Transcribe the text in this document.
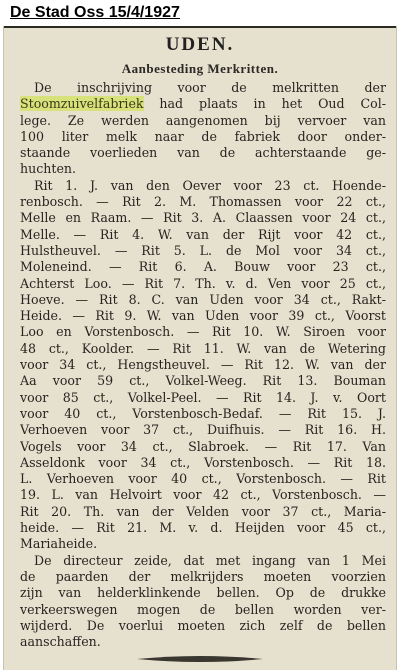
De Stad Oss 15/4/1927
UDEN.
Aanbesteding Merkritten.
De inschrijving voor de melkritten der
Stoomzuivelfabriek had plaats in het Oud Col-
lege. Ze werden aangenomen bij vervoer van
100 liter melk naar de fabriek door onder-
staande voerlieden van de achterstaande ge-
huchten.
Rit 1. J. van den Oever voor 23 ct. Hoende-
renbosch. — Rit 2. M. Thomassen voor 22 ct.,
Melle en Raam. — Rit 3. A. Claassen voor 24 ct.,
Melle. — Rit 4. W. van der Rijt voor 42 ct.,
Hulstheuvel. — Rit 5. L. de Mol voor 34 ct.,
Moleneind. — Rit 6. A. Bouw voor 23 ct.,
Achterst Loo. — Rit 7. Th. v. d. Ven voor 25 ct.,
Hoeve. — Rit 8. C. van Uden voor 34 ct., Rakt-
Heide. — Rit 9. W. van Uden voor 39 ct., Voorst
Loo en Vorstenbosch. — Rit 10. W. Siroen voor
48 ct., Koolder. — Rit 11. W. van de Wetering
voor 34 ct., Hengstheuvel. — Rit 12. W. van der
Aa voor 59 ct., Volkel-Weeg. Rit 13. Bouman
voor 85 ct., Volkel-Peel. — Rit 14. J. v. Oort
voor 40 ct., Vorstenbosch-Bedaf. — Rit 15. J.
Verhoeven voor 37 ct., Duifhuis. — Rit 16. H.
Vogels voor 34 ct., Slabroek. — Rit 17. Van
Asseldonk voor 34 ct., Vorstenbosch. — Rit 18.
L. Verhoeven voor 40 ct., Vorstenbosch. — Rit
19. L. van Helvoirt voor 42 ct., Vorstenbosch. —
Rit 20. Th. van der Velden voor 37 ct., Maria-
heide. — Rit 21. M. v. d. Heijden voor 45 ct.,
Mariaheide.
De directeur zeide, dat met ingang van 1 Mei
de paarden der melkrijders moeten voorzien
zijn van helderklinkende bellen. Op de drukke
verkeerswegen mogen de bellen worden ver-
wijderd. De voerlui moeten zich zelf de bellen
aanschaffen.
